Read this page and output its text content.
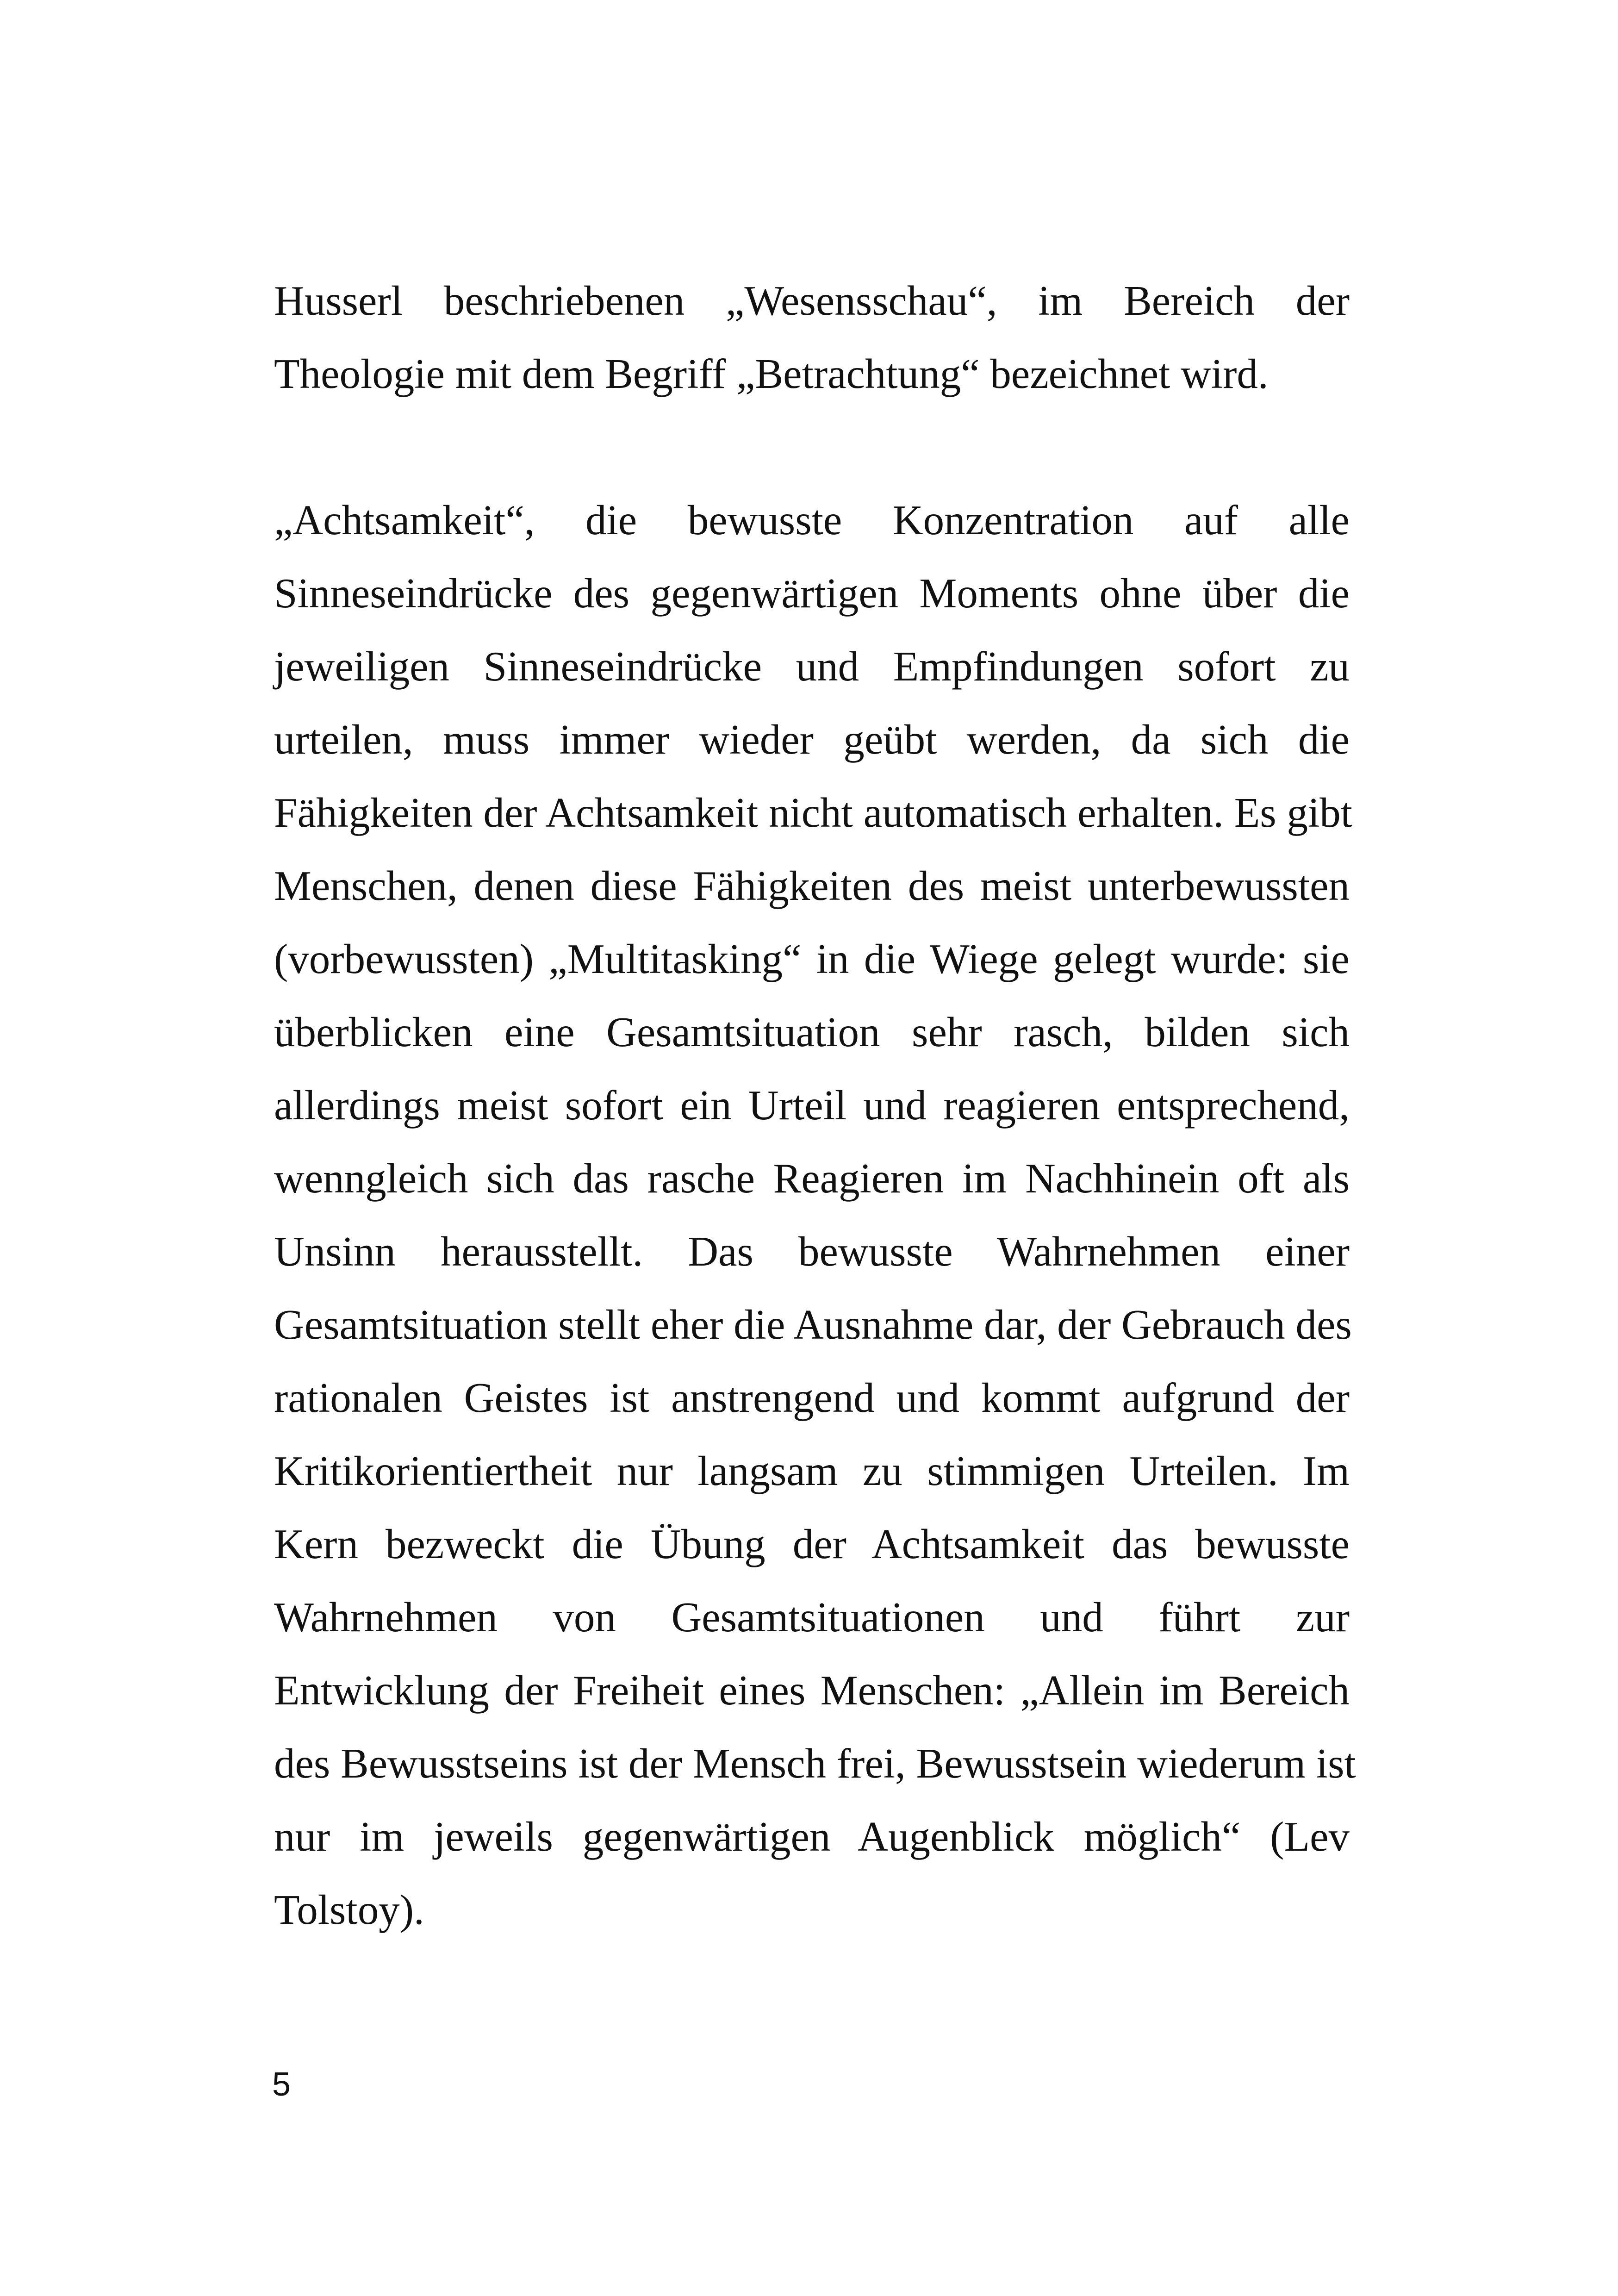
Husserl beschriebenen „Wesensschau“, im Bereich der
Theologie mit dem Begriff „Betrachtung“ bezeichnet wird.
„Achtsamkeit“, die bewusste Konzentration auf alle
Sinneseindrücke des gegenwärtigen Moments ohne über die
jeweiligen Sinneseindrücke und Empfindungen sofort zu
urteilen, muss immer wieder geübt werden, da sich die
Fähigkeiten der Achtsamkeit nicht automatisch erhalten. Es gibt
Menschen, denen diese Fähigkeiten des meist unterbewussten
(vorbewussten) „Multitasking“ in die Wiege gelegt wurde: sie
überblicken eine Gesamtsituation sehr rasch, bilden sich
allerdings meist sofort ein Urteil und reagieren entsprechend,
wenngleich sich das rasche Reagieren im Nachhinein oft als
Unsinn herausstellt. Das bewusste Wahrnehmen einer
Gesamtsituation stellt eher die Ausnahme dar, der Gebrauch des
rationalen Geistes ist anstrengend und kommt aufgrund der
Kritikorientiertheit nur langsam zu stimmigen Urteilen. Im
Kern bezweckt die Übung der Achtsamkeit das bewusste
Wahrnehmen von Gesamtsituationen und führt zur
Entwicklung der Freiheit eines Menschen: „Allein im Bereich
des Bewusstseins ist der Mensch frei, Bewusstsein wiederum ist
nur im jeweils gegenwärtigen Augenblick möglich“ (Lev
Tolstoy).
5
